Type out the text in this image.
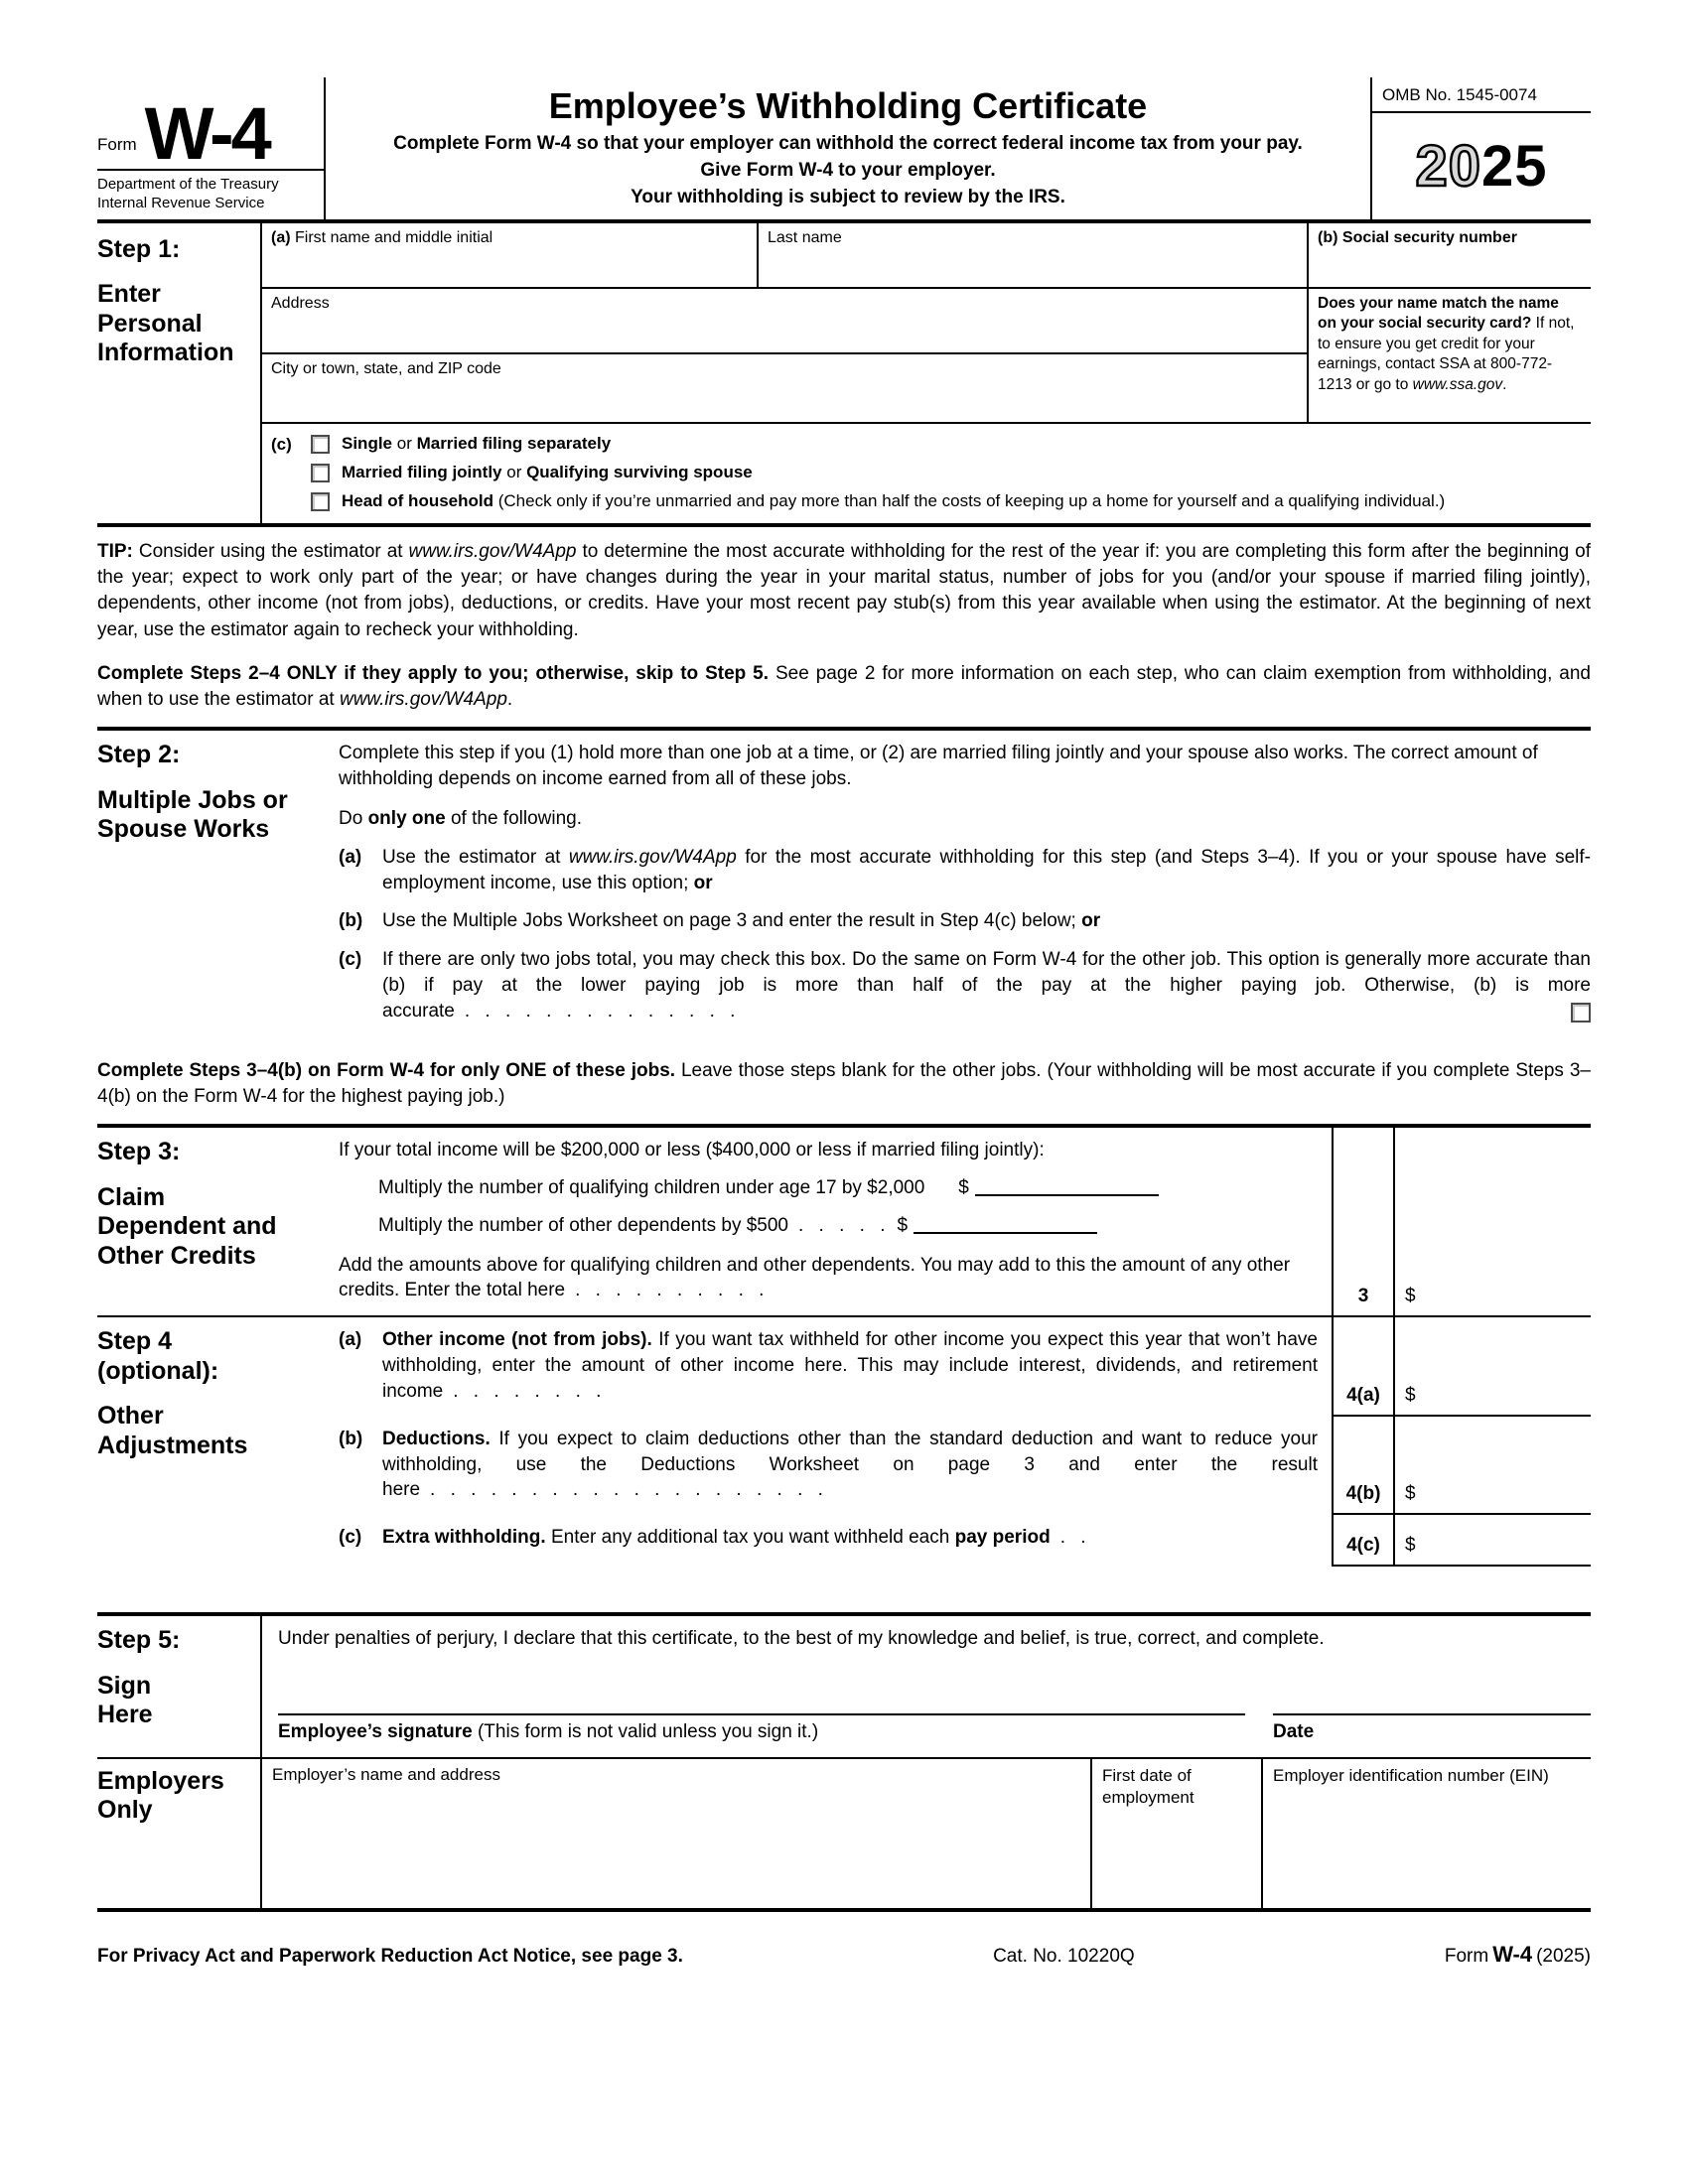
Form W-4
Department of the Treasury
Internal Revenue Service
Employee’s Withholding Certificate
Complete Form W-4 so that your employer can withhold the correct federal income tax from your pay.
Give Form W-4 to your employer.
Your withholding is subject to review by the IRS.
OMB No. 1545-0074
20 25
Step 1:
Enter Personal Information
(a) First name and middle initial	Last name	(b) Social security number
Address	Does your name match the name on your social security card? If not, to ensure you get credit for your earnings, contact SSA at 800-772-1213 or go to www.ssa.gov.
City or town, state, and ZIP code
(c)	Single or Married filing separately
Married filing jointly or Qualifying surviving spouse
Head of household (Check only if you’re unmarried and pay more than half the costs of keeping up a home for yourself and a qualifying individual.)

TIP: Consider using the estimator at www.irs.gov/W4App to determine the most accurate withholding for the rest of the year if: you are completing this form after the beginning of the year; expect to work only part of the year; or have changes during the year in your marital status, number of jobs for you (and/or your spouse if married filing jointly), dependents, other income (not from jobs), deductions, or credits. Have your most recent pay stub(s) from this year available when using the estimator. At the beginning of next year, use the estimator again to recheck your withholding.

Complete Steps 2–4 ONLY if they apply to you; otherwise, skip to Step 5. See page 2 for more information on each step, who can claim exemption from withholding, and when to use the estimator at www.irs.gov/W4App.

Step 2:
Multiple Jobs or Spouse Works

Complete this step if you (1) hold more than one job at a time, or (2) are married filing jointly and your spouse also works. The correct amount of withholding depends on income earned from all of these jobs.

Do only one of the following.

(a)	Use the estimator at www.irs.gov/W4App for the most accurate withholding for this step (and Steps 3–4). If you or your spouse have self-employment income, use this option; or
(b)	Use the Multiple Jobs Worksheet on page 3 and enter the result in Step 4(c) below; or
(c)	If there are only two jobs total, you may check this box. Do the same on Form W-4 for the other job. This option is generally more accurate than (b) if pay at the lower paying job is more than half of the pay at the higher paying job. Otherwise, (b) is more accurate . . . . . . . . . . . . . .

Complete Steps 3–4(b) on Form W-4 for only ONE of these jobs. Leave those steps blank for the other jobs. (Your withholding will be most accurate if you complete Steps 3–4(b) on the Form W-4 for the highest paying job.)

Step 3:
Claim Dependent and Other Credits

If your total income will be $200,000 or less ($400,000 or less if married filing jointly):

Multiply the number of qualifying children under age 17 by $2,000 $

Multiply the number of other dependents by $500 . . . . . $

Add the amounts above for qualifying children and other dependents. You may add to this the amount of any other credits. Enter the total here . . . . . . . . . .	3	$
Step 4
(optional):
Other Adjustments
(a)	Other income (not from jobs). If you want tax withheld for other income you expect this year that won’t have withholding, enter the amount of other income here. This may include interest, dividends, and retirement income . . . . . . . .	4(a)	$
(b)	Deductions. If you expect to claim deductions other than the standard deduction and want to reduce your withholding, use the Deductions Worksheet on page 3 and enter the result here . . . . . . . . . . . . . . . . . . . .	4(b)	$
(c)	Extra withholding. Enter any additional tax you want withheld each pay period . .	4(c)	$
Step 5:
Sign
Here

Under penalties of perjury, I declare that this certificate, to the best of my knowledge and belief, is true, correct, and complete.

Employee’s signature (This form is not valid unless you sign it.)	Date
Employers
Only
Employer’s name and address	First date of employment
Employer identification number (EIN)
For Privacy Act and Paperwork Reduction Act Notice, see page 3.	Cat. No. 10220Q	Form W-4 (2025)
